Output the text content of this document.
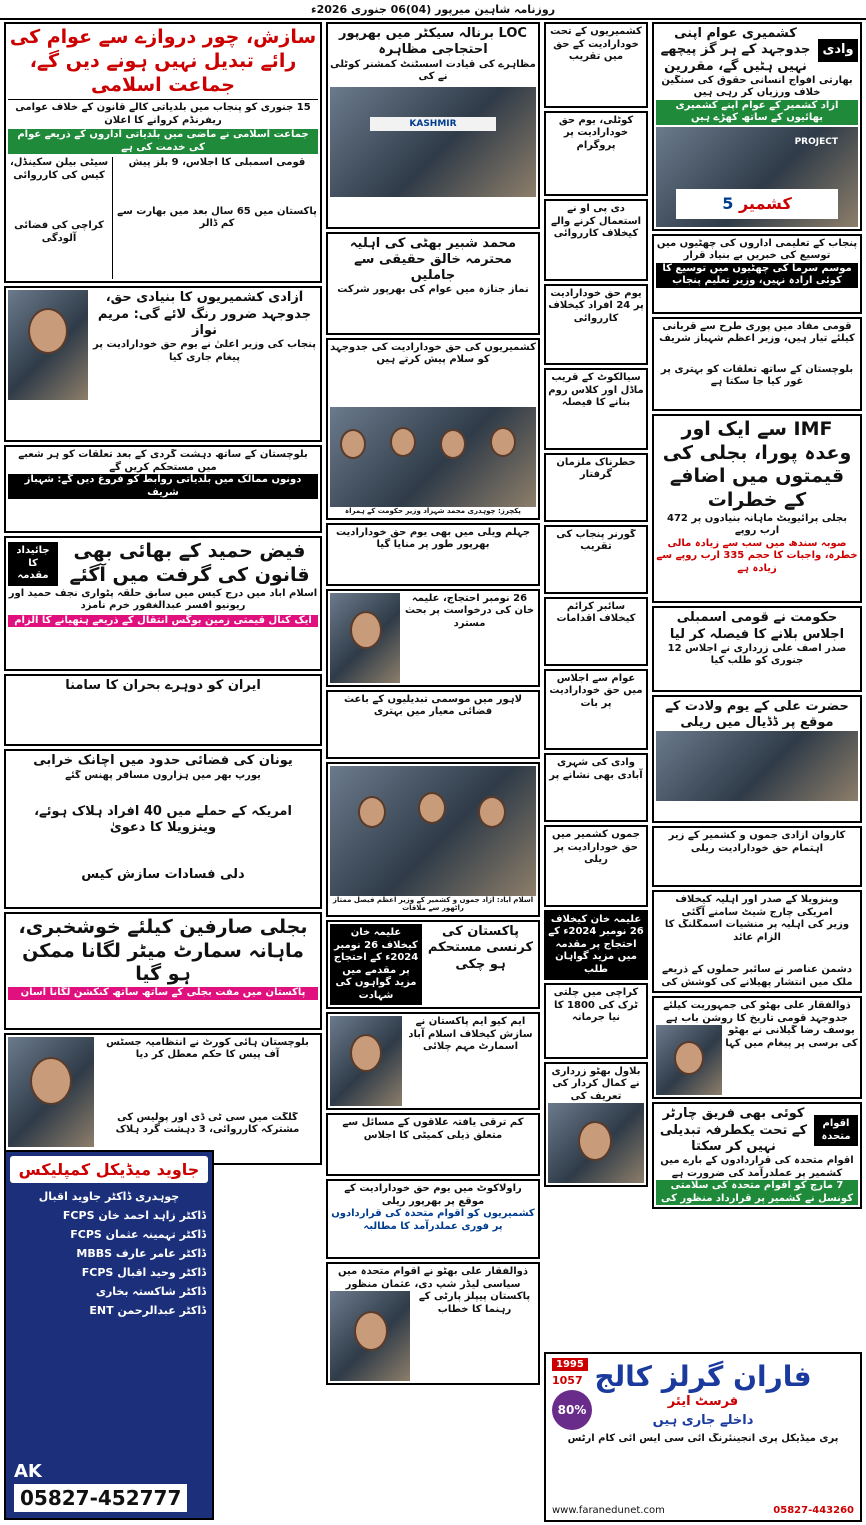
روزنامہ شاہین میرپور (04)06 جنوری 2026ء
سازش، چور دروازے سے عوام کی رائے تبدیل نہیں ہونے دیں گے، جماعت اسلامی
15 جنوری کو پنجاب میں بلدیاتی کالے قانون کے خلاف عوامی ریفرنڈم کروانے کا اعلان
جماعت اسلامی نے ماضی میں بلدیاتی اداروں کے ذریعے عوام کی خدمت کی ہے
قومی اسمبلی کا اجلاس، 9 بلز پیش
پاکستان میں 65 سال بعد میں بھارت سے کم ڈالر
سیٹی بیلن سکینڈل، کیس کی کارروائی
کراچی کی فضائی آلودگی
آزادی کشمیریوں کا بنیادی حق، جدوجہد ضرور رنگ لائے گی: مریم نواز
پنجاب کی وزیر اعلیٰ نے یوم حق خودارادیت پر پیغام جاری کیا
بلوچستان کے ساتھ دہشت گردی کے بعد تعلقات کو ہر شعبے میں مستحکم کریں گے
دونوں ممالک میں بلدیاتی روابط کو فروغ دیں گے: شہباز شریف
فیض حمید کے بھائی بھی قانون کی گرفت میں آگئے
جائیداد کا مقدمہ
اسلام آباد میں درج کیس میں سابق حلقہ پٹواری نجف حمید اور ریونیو افسر عبدالغفور خرم نامزد
ایک کنال قیمتی زمین بوگس انتقال کے ذریعے ہتھیانے کا الزام
ایران کو دوہرے بحران کا سامنا
یونان کی فضائی حدود میں اچانک خرابی
یورپ بھر میں ہزاروں مسافر پھنس گئے
امریکہ کے حملے میں 40 افراد ہلاک ہوئے، وینزویلا کا دعویٰ
دلی فسادات سازش کیس
بجلی صارفین کیلئے خوشخبری، ماہانہ سمارٹ میٹر لگانا ممکن ہو گیا
پاکستان میں مفت بجلی کے ساتھ ساتھ کنکشن لگانا آسان
بلوچستان ہائی کورٹ نے انتظامیہ جسٹس آف پیس کا حکم معطل کر دیا
گلگت میں سی ٹی ڈی اور پولیس کی مشترکہ کارروائی، 3 دہشت گرد ہلاک
LOC برنالہ سیکٹر میں بھرپور احتجاجی مظاہرہ
مظاہرے کی قیادت اسسٹنٹ کمشنر کوٹلی نے کی
KASHMIR
محمد شبیر بھٹی کی اہلیہ محترمہ خالق حقیقی سے جاملیں
نماز جنازہ میں عوام کی بھرپور شرکت
کشمیریوں کی حق خودارادیت کی جدوجہد کو سلام پیش کرتے ہیں
پکچرز: چوہدری محمد شہزاد وزیر حکومت کے ہمراہ
جہلم ویلی میں بھی یوم حق خودارادیت بھرپور طور پر منایا گیا
26 نومبر احتجاج، علیمہ خان کی درخواست پر بحث مسترد
لاہور میں موسمی تبدیلیوں کے باعث فضائی معیار میں بہتری
اسلام آباد: آزاد جموں و کشمیر کے وزیر اعظم فیصل ممتاز راٹھور سے ملاقات
پاکستان کی کرنسی مستحکم ہو چکی
علیمہ خان کیخلاف 26 نومبر 2024ء کے احتجاج پر مقدمے میں مزید گواہوں کی شہادت
ایم کیو ایم پاکستان نے سازش کیخلاف اسلام آباد اسمارٹ مہم چلائی
کم ترقی یافتہ علاقوں کے مسائل سے متعلق ذیلی کمیٹی کا اجلاس
راولاکوٹ میں یوم حق خودارادیت کے موقع پر بھرپور ریلی
کشمیریوں کو اقوام متحدہ کی قراردادوں پر فوری عملدرآمد کا مطالبہ
ذوالفقار علی بھٹو نے اقوام متحدہ میں سیاسی لیڈر شپ دی، عثمان منظور
پاکستان پیپلز پارٹی کے رہنما کا خطاب
کشمیریوں کے تحت خودارادیت کے حق میں تقریب
کوٹلی، یوم حق خودارادیت پر پروگرام
دی پی او نے استعمال کرنے والے کیخلاف کارروائی
یوم حق خودارادیت پر 24 افراد کیخلاف کارروائی
سیالکوٹ کے قریب ماڈل اور کلاس روم بنانے کا فیصلہ
خطرناک ملزمان گرفتار
گورنر پنجاب کی تقریب
سائبر کرائم کیخلاف اقدامات
عوام سے اجلاس میں حق خودارادیت پر بات
وادی کی شہری آبادی بھی نشانے پر
جموں کشمیر میں حق خودارادیت پر ریلی
علیمہ خان کیخلاف 26 نومبر 2024ء کے احتجاج پر مقدمہ میں مزید گواہان طلب
کراچی میں چلتی ٹرک کی 1800 کا نیا جرمانہ
بلاول بھٹو زرداری نے کمال کردار کی تعریف کی
وادی
کشمیری عوام اپنی جدوجہد کے ہر گز پیچھے نہیں ہٹیں گے، مقررین
بھارتی افواج انسانی حقوق کی سنگین خلاف ورزیاں کر رہی ہیں
آزاد کشمیر کے عوام اپنے کشمیری بھائیوں کے ساتھ کھڑے ہیں
PROJECT
کشمیر 5
پنجاب کے تعلیمی اداروں کی چھٹیوں میں توسیع کی خبریں بے بنیاد قرار
موسم سرما کی چھٹیوں میں توسیع کا کوئی ارادہ نہیں، وزیر تعلیم پنجاب
قومی مفاد میں پوری طرح سے قربانی کیلئے تیار ہیں، وزیر اعظم شہباز شریف
بلوچستان کے ساتھ تعلقات کو بہتری پر غور کیا جا سکتا ہے
IMF سے ایک اور وعدہ پورا، بجلی کی قیمتوں میں اضافے کے خطرات
بجلی پرائیویٹ ماہانہ بنیادوں پر 472 ارب روپے
صوبہ سندھ میں سب سے زیادہ مالی خطرہ، واجبات کا حجم 335 ارب روپے سے زیادہ ہے
حکومت نے قومی اسمبلی اجلاس بلانے کا فیصلہ کر لیا
صدر آصف علی زرداری نے اجلاس 12 جنوری کو طلب کیا
حضرت علی کے یوم ولادت کے موقع پر ڈڈیال میں ریلی
کاروان آزادی جموں و کشمیر کے زیر اہتمام حق خودارادیت ریلی
وینزویلا کے صدر اور اہلیہ کیخلاف امریکی چارج شیٹ سامنے آگئی
وزیر کی اہلیہ پر منشیات اسمگلنگ کا الزام عائد
دشمن عناصر نے سائبر حملوں کے ذریعے ملک میں انتشار پھیلانے کی کوشش کی
ذوالفقار علی بھٹو کی جمہوریت کیلئے جدوجہد قومی تاریخ کا روشن باب ہے
یوسف رضا گیلانی نے بھٹو کی برسی پر پیغام میں کہا
اقوام متحدہ
کوئی بھی فریق چارٹر کے تحت یکطرفہ تبدیلی نہیں کر سکتا
اقوام متحدہ کی قراردادوں کے بارے میں کشمیر پر عملدرآمد کی ضرورت ہے
7 مارچ کو اقوام متحدہ کی سلامتی کونسل نے کشمیر پر قرارداد منظور کی
جاوید میڈیکل کمپلیکس
چوہدری ڈاکٹر جاوید اقبال
ڈاکٹر زاہد احمد خان FCPS
ڈاکٹر تہمینہ عثمان FCPS
ڈاکٹر عامر عارف MBBS
ڈاکٹر وحید اقبال FCPS
ڈاکٹر شاکستہ بخاری
ڈاکٹر عبدالرحمن ENT
AK
05827-452777
1995
1057
80%
فاران گرلز کالج
فرسٹ ایئر
داخلے جاری ہیں
پری میڈیکل پری انجینئرنگ آئی سی ایس آئی کام آرٹس
www.faranedunet.com	05827-443260
